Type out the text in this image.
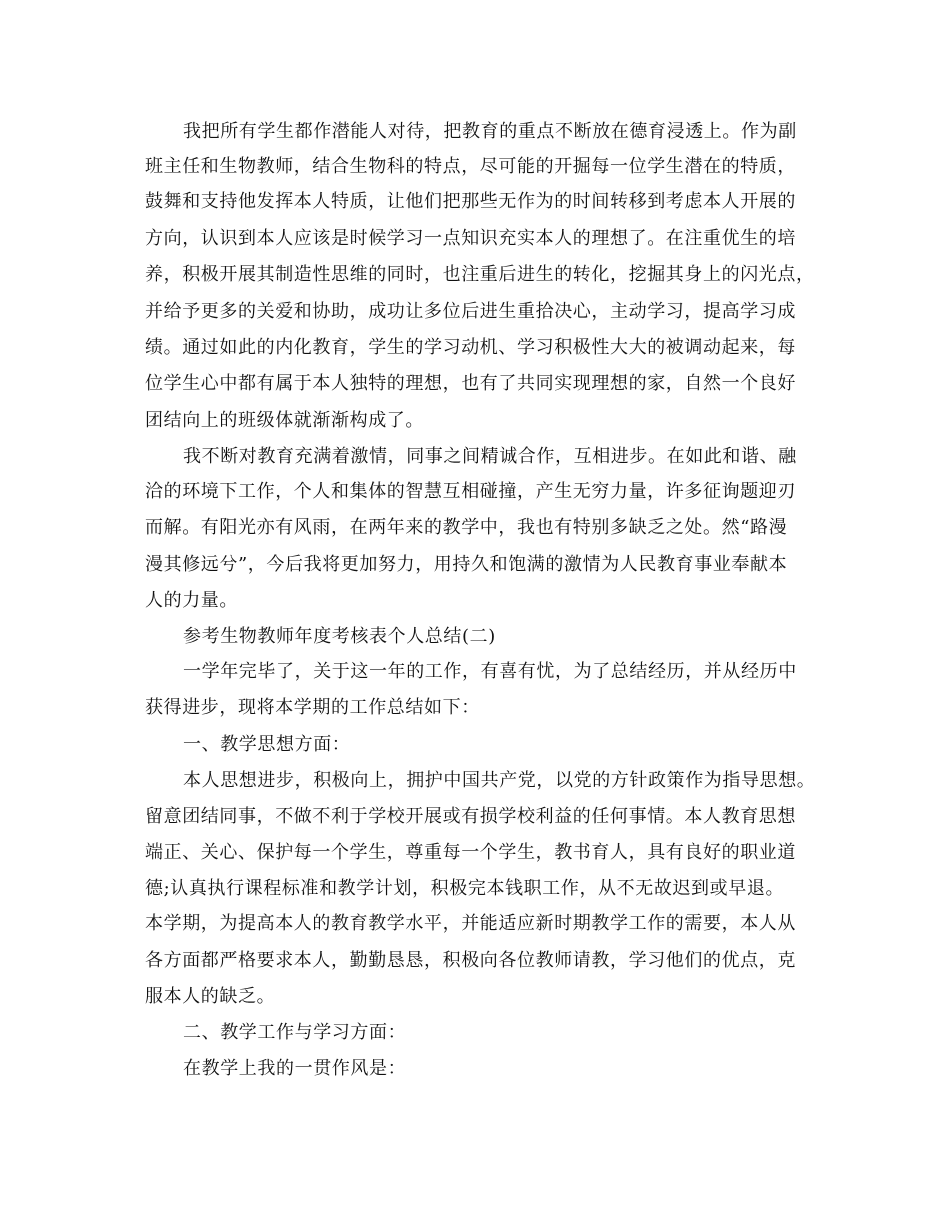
我把所有学生都作潜能人对待，把教育的重点不断放在德育浸透上。作为副
班主任和生物教师，结合生物科的特点，尽可能的开掘每一位学生潜在的特质，
鼓舞和支持他发挥本人特质，让他们把那些无作为的时间转移到考虑本人开展的
方向，认识到本人应该是时候学习一点知识充实本人的理想了。在注重优生的培
养，积极开展其制造性思维的同时，也注重后进生的转化，挖掘其身上的闪光点，
并给予更多的关爱和协助，成功让多位后进生重拾决心，主动学习，提高学习成
绩。通过如此的内化教育，学生的学习动机、学习积极性大大的被调动起来，每
位学生心中都有属于本人独特的理想，也有了共同实现理想的家，自然一个良好
团结向上的班级体就渐渐构成了。
我不断对教育充满着激情，同事之间精诚合作，互相进步。在如此和谐、融
洽的环境下工作，个人和集体的智慧互相碰撞，产生无穷力量，许多征询题迎刃
而解。有阳光亦有风雨，在两年来的教学中，我也有特别多缺乏之处。然“路漫
漫其修远兮”，今后我将更加努力，用持久和饱满的激情为人民教育事业奉献本
人的力量。
参考生物教师年度考核表个人总结(二)
一学年完毕了，关于这一年的工作，有喜有忧，为了总结经历，并从经历中
获得进步，现将本学期的工作总结如下：
一、教学思想方面：
本人思想进步，积极向上，拥护中国共产党，以党的方针政策作为指导思想。
留意团结同事，不做不利于学校开展或有损学校利益的任何事情。本人教育思想
端正、关心、保护每一个学生，尊重每一个学生，教书育人，具有良好的职业道
德;认真执行课程标准和教学计划，积极完本钱职工作，从不无故迟到或早退。
本学期，为提高本人的教育教学水平，并能适应新时期教学工作的需要，本人从
各方面都严格要求本人，勤勤恳恳，积极向各位教师请教，学习他们的优点，克
服本人的缺乏。
二、教学工作与学习方面：
在教学上我的一贯作风是：
